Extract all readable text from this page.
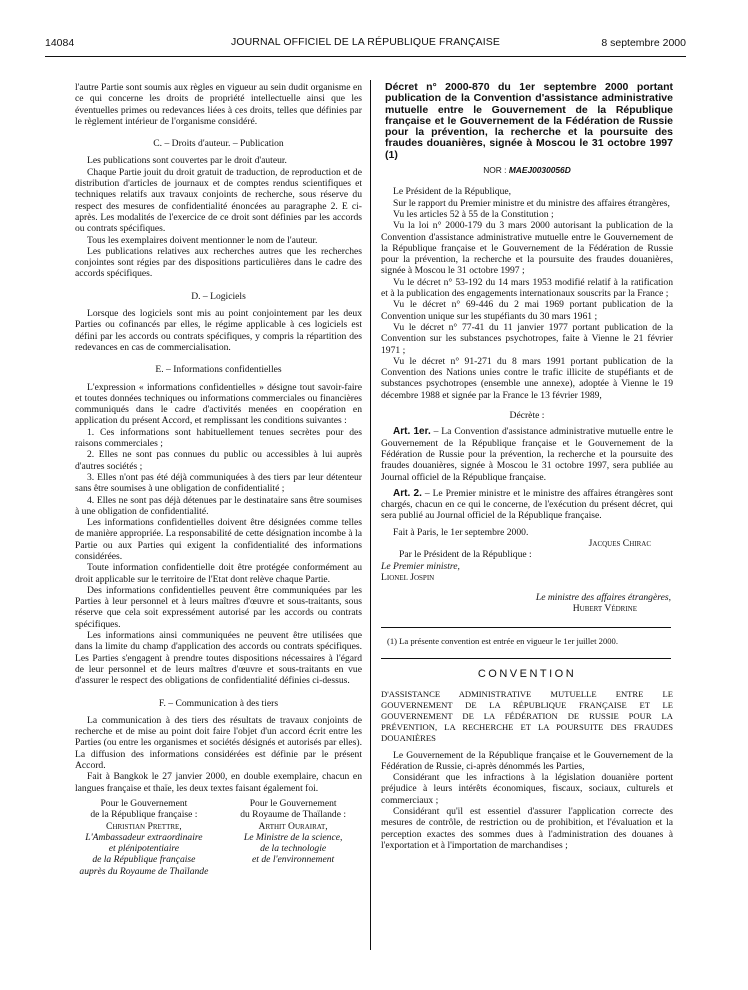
14084	JOURNAL OFFICIEL DE LA RÉPUBLIQUE FRANÇAISE	8 septembre 2000

l'autre Partie sont soumis aux règles en vigueur au sein dudit organisme en ce qui concerne les droits de propriété intellectuelle ainsi que les éventuelles primes ou redevances liées à ces droits, telles que définies par le règlement intérieur de l'organisme considéré.

C. – Droits d'auteur. – Publication

Les publications sont couvertes par le droit d'auteur.

Chaque Partie jouit du droit gratuit de traduction, de reproduction et de distribution d'articles de journaux et de comptes rendus scientifiques et techniques relatifs aux travaux conjoints de recherche, sous réserve du respect des mesures de confidentialité énoncées au paragraphe 2. E ci-après. Les modalités de l'exercice de ce droit sont définies par les accords ou contrats spécifiques.

Tous les exemplaires doivent mentionner le nom de l'auteur.

Les publications relatives aux recherches autres que les recherches conjointes sont régies par des dispositions particulières dans le cadre des accords spécifiques.

D. – Logiciels

Lorsque des logiciels sont mis au point conjointement par les deux Parties ou cofinancés par elles, le régime applicable à ces logiciels est défini par les accords ou contrats spécifiques, y compris la répartition des redevances en cas de commercialisation.

E. – Informations confidentielles

L'expression « informations confidentielles » désigne tout savoir-faire et toutes données techniques ou informations commerciales ou financières communiqués dans le cadre d'activités menées en coopération en application du présent Accord, et remplissant les conditions suivantes :

1. Ces informations sont habituellement tenues secrètes pour des raisons commerciales ;

2. Elles ne sont pas connues du public ou accessibles à lui auprès d'autres sociétés ;

3. Elles n'ont pas été déjà communiquées à des tiers par leur détenteur sans être soumises à une obligation de confidentialité ;

4. Elles ne sont pas déjà détenues par le destinataire sans être soumises à une obligation de confidentialité.

Les informations confidentielles doivent être désignées comme telles de manière appropriée. La responsabilité de cette désignation incombe à la Partie ou aux Parties qui exigent la confidentialité des informations considérées.

Toute information confidentielle doit être protégée conformément au droit applicable sur le territoire de l'Etat dont relève chaque Partie.

Des informations confidentielles peuvent être communiquées par les Parties à leur personnel et à leurs maîtres d'œuvre et sous-traitants, sous réserve que cela soit expressément autorisé par les accords ou contrats spécifiques.

Les informations ainsi communiquées ne peuvent être utilisées que dans la limite du champ d'application des accords ou contrats spécifiques. Les Parties s'engagent à prendre toutes dispositions nécessaires à l'égard de leur personnel et de leurs maîtres d'œuvre et sous-traitants en vue d'assurer le respect des obligations de confidentialité définies ci-dessus.

F. – Communication à des tiers

La communication à des tiers des résultats de travaux conjoints de recherche et de mise au point doit faire l'objet d'un accord écrit entre les Parties (ou entre les organismes et sociétés désignés et autorisés par elles). La diffusion des informations considérées est définie par le présent Accord.

Fait à Bangkok le 27 janvier 2000, en double exemplaire, chacun en langues française et thaïe, les deux textes faisant également foi.

Pour le Gouvernement
de la République française :
Christian Prettre,
L'Ambassadeur extraordinaire
et plénipotentiaire
de la République française
auprès du Royaume de Thaïlande
Pour le Gouvernement
du Royaume de Thaïlande :
Arthit Ourairat,
Le Ministre de la science,
de la technologie
et de l'environnement

Décret n° 2000-870 du 1er septembre 2000 portant publication de la Convention d'assistance administrative mutuelle entre le Gouvernement de la République française et le Gouvernement de la Fédération de Russie pour la prévention, la recherche et la poursuite des fraudes douanières, signée à Moscou le 31 octobre 1997 (1)

NOR : MAEJ0030056D

Le Président de la République,

Sur le rapport du Premier ministre et du ministre des affaires étrangères,

Vu les articles 52 à 55 de la Constitution ;

Vu la loi n° 2000-179 du 3 mars 2000 autorisant la publication de la Convention d'assistance administrative mutuelle entre le Gouvernement de la République française et le Gouvernement de la Fédération de Russie pour la prévention, la recherche et la poursuite des fraudes douanières, signée à Moscou le 31 octobre 1997 ;

Vu le décret n° 53-192 du 14 mars 1953 modifié relatif à la ratification et à la publication des engagements internationaux souscrits par la France ;

Vu le décret n° 69-446 du 2 mai 1969 portant publication de la Convention unique sur les stupéfiants du 30 mars 1961 ;

Vu le décret n° 77-41 du 11 janvier 1977 portant publication de la Convention sur les substances psychotropes, faite à Vienne le 21 février 1971 ;

Vu le décret n° 91-271 du 8 mars 1991 portant publication de la Convention des Nations unies contre le trafic illicite de stupéfiants et de substances psychotropes (ensemble une annexe), adoptée à Vienne le 19 décembre 1988 et signée par la France le 13 février 1989,

Décrète :

Art. 1er. – La Convention d'assistance administrative mutuelle entre le Gouvernement de la République française et le Gouvernement de la Fédération de Russie pour la prévention, la recherche et la poursuite des fraudes douanières, signée à Moscou le 31 octobre 1997, sera publiée au Journal officiel de la République française.

Art. 2. – Le Premier ministre et le ministre des affaires étrangères sont chargés, chacun en ce qui le concerne, de l'exécution du présent décret, qui sera publié au Journal officiel de la République française.

Fait à Paris, le 1er septembre 2000.

Jacques Chirac

Par le Président de la République :

Le Premier ministre,

Lionel Jospin

Le ministre des affaires étrangères,

Hubert Védrine

(1) La présente convention est entrée en vigueur le 1er juillet 2000.

CONVENTION

D'ASSISTANCE ADMINISTRATIVE MUTUELLE ENTRE LE GOUVERNEMENT DE LA RÉPUBLIQUE FRANÇAISE ET LE GOUVERNEMENT DE LA FÉDÉRATION DE RUSSIE POUR LA PRÉVENTION, LA RECHERCHE ET LA POURSUITE DES FRAUDES DOUANIÈRES

Le Gouvernement de la République française et le Gouvernement de la Fédération de Russie, ci-après dénommés les Parties,

Considérant que les infractions à la législation douanière portent préjudice à leurs intérêts économiques, fiscaux, sociaux, culturels et commerciaux ;

Considérant qu'il est essentiel d'assurer l'application correcte des mesures de contrôle, de restriction ou de prohibition, et l'évaluation et la perception exactes des sommes dues à l'administration des douanes à l'exportation et à l'importation de marchandises ;
